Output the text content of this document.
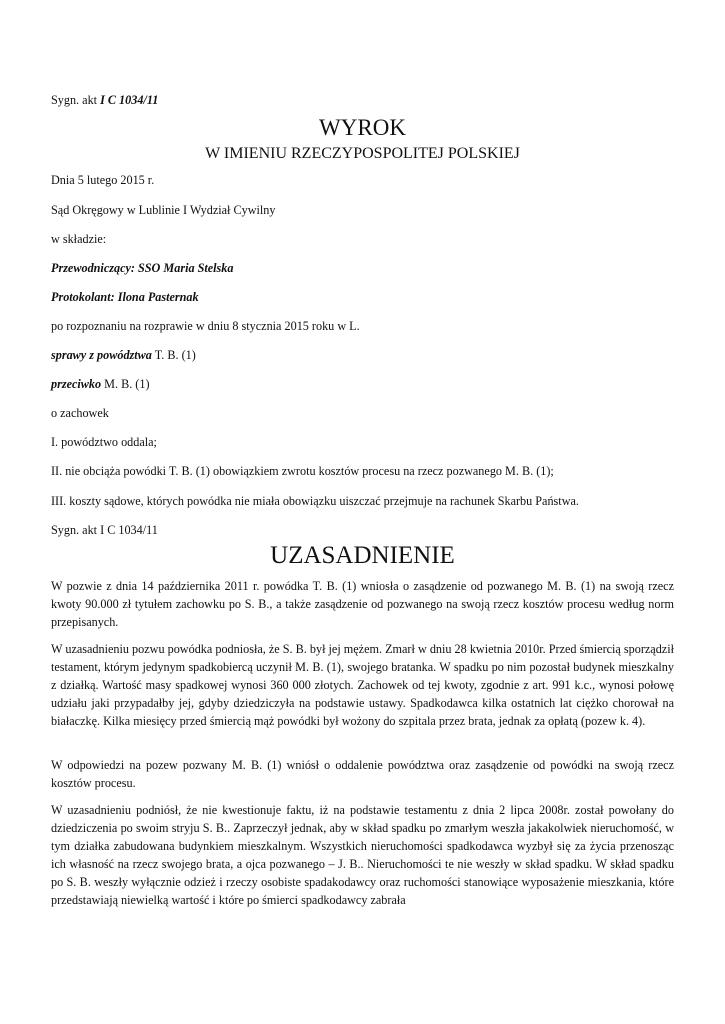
Sygn. akt I C 1034/11
WYROK
W IMIENIU RZECZYPOSPOLITEJ POLSKIEJ
Dnia 5 lutego 2015 r.
Sąd Okręgowy w Lublinie I Wydział Cywilny
w składzie:
Przewodniczący: SSO Maria Stelska
Protokolant: Ilona Pasternak
po rozpoznaniu na rozprawie w dniu 8 stycznia 2015 roku w L.
sprawy z powództwa T. B. (1)
przeciwko M. B. (1)
o zachowek
I. powództwo oddala;
II. nie obciąża powódki T. B. (1) obowiązkiem zwrotu kosztów procesu na rzecz pozwanego M. B. (1);
III. koszty sądowe, których powódka nie miała obowiązku uiszczać przejmuje na rachunek Skarbu Państwa.
Sygn. akt I C 1034/11
UZASADNIENIE

W pozwie z dnia 14 października 2011 r. powódka T. B. (1) wniosła o zasądzenie od pozwanego M. B. (1) na swoją rzecz kwoty 90.000 zł tytułem zachowku po S. B., a także zasądzenie od pozwanego na swoją rzecz kosztów procesu według norm przepisanych.

W uzasadnieniu pozwu powódka podniosła, że S. B. był jej mężem. Zmarł w dniu 28 kwietnia 2010r. Przed śmiercią sporządził testament, którym jedynym spadkobiercą uczynił M. B. (1), swojego bratanka. W spadku po nim pozostał budynek mieszkalny z działką. Wartość masy spadkowej wynosi 360 000 złotych. Zachowek od tej kwoty, zgodnie z art. 991 k.c., wynosi połowę udziału jaki przypadałby jej, gdyby dziedziczyła na podstawie ustawy. Spadkodawca kilka ostatnich lat ciężko chorował na białaczkę. Kilka miesięcy przed śmiercią mąż powódki był wożony do szpitala przez brata, jednak za opłatą (pozew k. 4).

W odpowiedzi na pozew pozwany M. B. (1) wniósł o oddalenie powództwa oraz zasądzenie od powódki na swoją rzecz kosztów procesu.

W uzasadnieniu podniósł, że nie kwestionuje faktu, iż na podstawie testamentu z dnia 2 lipca 2008r. został powołany do dziedziczenia po swoim stryju S. B.. Zaprzeczył jednak, aby w skład spadku po zmarłym weszła jakakolwiek nieruchomość, w tym działka zabudowana budynkiem mieszkalnym. Wszystkich nieruchomości spadkodawca wyzbył się za życia przenosząc ich własność na rzecz swojego brata, a ojca pozwanego – J. B.. Nieruchomości te nie weszły w skład spadku. W skład spadku po S. B. weszły wyłącznie odzież i rzeczy osobiste spadakodawcy oraz ruchomości stanowiące wyposażenie mieszkania, które przedstawiają niewielką wartość i które po śmierci spadkodawcy zabrała
